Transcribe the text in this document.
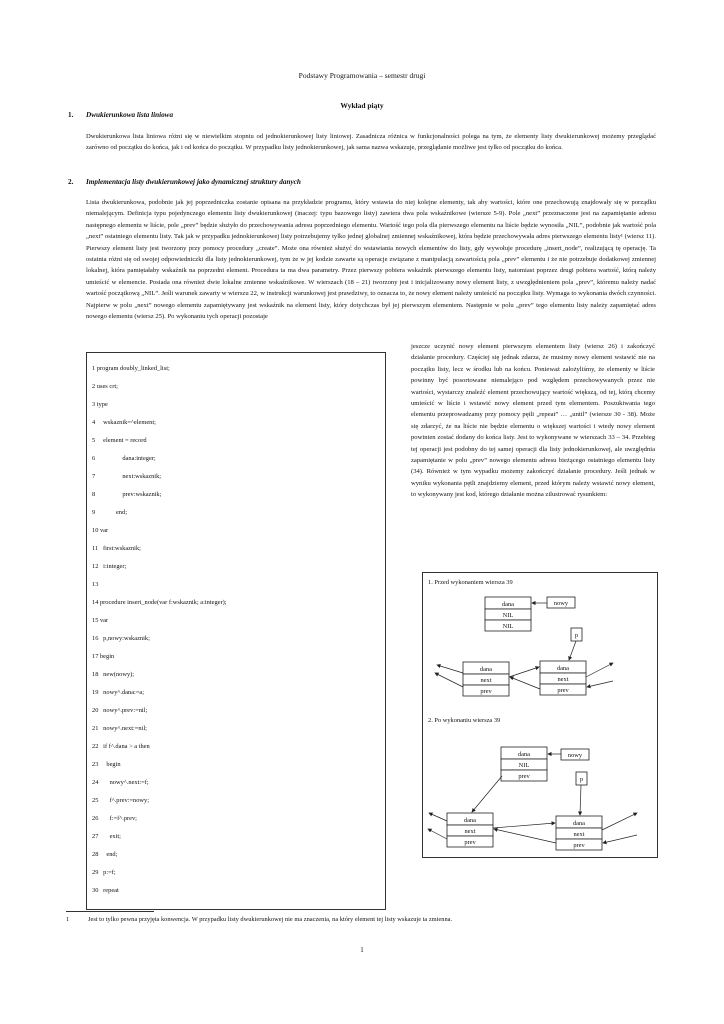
Podstawy Programowania – semestr drugi
Wykład piąty
1. Dwukierunkowa lista liniowa
Dwukierunkowa lista liniowa różni się w niewielkim stopniu od jednokierunkowej listy liniowej. Zasadnicza różnica w funkcjonalności polega na tym, że elementy listy dwukierunkowej możemy przeglądać zarówno od początku do końca, jak i od końca do początku. W przypadku listy jednokierunkowej, jak sama nazwa wskazuje, przeglądanie możliwe jest tylko od początku do końca.
2. Implementacja listy dwukierunkowej jako dynamicznej struktury danych
Lista dwukierunkowa, podobnie jak jej poprzedniczka zostanie opisana na przykładzie programu, który wstawia do niej kolejne elementy, tak aby wartości, które one przechowują znajdowały się w porządku niemalejącym. Definicja typu pojedynczego elementu listy dwukierunkowej (inaczej: typu bazowego listy) zawiera dwa pola wskaźnikowe (wiersze 5-9). Pole „next” przeznaczone jest na zapamiętanie adresu następnego elementu w liście, pole „prev” będzie służyło do przechowywania adresu poprzedniego elementu. Wartość tego pola dla pierwszego elementu na liście będzie wynosiła „NIL”, podobnie jak wartość pola „next” ostatniego elementu listy. Tak jak w przypadku jednokierunkowej listy potrzebujemy tylko jednej globalnej zmiennej wskaźnikowej, która będzie przechowywała adres pierwszego elementu listy¹ (wiersz 11). Pierwszy element listy jest tworzony przy pomocy procedury „create”. Może ona również służyć do wstawiania nowych elementów do listy, gdy wywołuje procedurę „insert_node”, realizującą tę operację. Ta ostatnia różni się od swojej odpowiedniczki dla listy jednokierunkowej, tym że w jej kodzie zawarte są operacje związane z manipulacją zawartością pola „prev” elementu i że nie potrzebuje dodatkowej zmiennej lokalnej, która pamiętałaby wskaźnik na poprzedni element. Procedura ta ma dwa parametry. Przez pierwszy pobiera wskaźnik pierwszego elementu listy, natomiast poprzez drugi pobiera wartość, którą należy umieścić w elemencie. Posiada ona również dwie lokalne zmienne wskaźnikowe. W wierszach (18 – 21) tworzony jest i inicjalizowany nowy element listy, z uwzględnieniem pola „prev”, któremu należy nadać wartość początkową „NIL”. Jeśli warunek zawarty w wierszu 22, w instrukcji warunkowej jest prawdziwy, to oznacza to, że nowy element należy umieścić na początku listy. Wymaga to wykonania dwóch czynności. Najpierw w polu „next” nowego elementu zapamiętywany jest wskaźnik na element listy, który dotychczas był jej pierwszym elementem. Następnie w polu „prev” tego elementu listy należy zapamiętać adres nowego elementu (wiersz 25). Po wykonaniu tych operacji pozostaje
1 program doubly_linked_list;
2 uses crt;
3 type
4     wskaznik=^element;
5     element = record
6                 dana:integer;
7                 next:wskaznik;
8                 prev:wskaznik;
9             end;
10 var
11   first:wskaznik;
12   i:integer;
13
14 procedure insert_node(var f:wskaznik; a:integer);
15 var
16   p,nowy:wskaznik;
17 begin
18   new(nowy);
19   nowy^.dana:=a;
20   nowy^.prev:=nil;
21   nowy^.next:=nil;
22   if f^.dana > a then
23     begin
24       nowy^.next:=f;
25       f^.prev:=nowy;
26       f:=f^.prev;
27       exit;
28     end;
29   p:=f;
30   repeat
jeszcze uczynić nowy element pierwszym elementem listy (wiersz 26) i zakończyć działanie procedury. Częściej się jednak zdarza, że musimy nowy element wstawić nie na początku listy, lecz w środku lub na końcu. Ponieważ założyliśmy, że elementy w liście powinny być posortowane niemalejąco pod względem przechowywanych przez nie wartości, wystarczy znaleźć element przechowujący wartość większą, od tej, którą chcemy umieścić w liście i wstawić nowy element przed tym elementem. Poszukiwania tego elementu przeprowadzamy przy pomocy pętli „repeat” … „until” (wiersze 30 - 38). Może się zdarzyć, że na liście nie będzie elementu o większej wartości i wtedy nowy element powinien zostać dodany do końca listy. Jest to wykonywane w wierszach 33 – 34. Przebieg tej operacji jest podobny do tej samej operacji dla listy jednokierunkowej, ale uwzględnia zapamiętanie w polu „prev” nowego elementu adresu bieżącego ostatniego elementu listy (34). Również w tym wypadku możemy zakończyć działanie procedury. Jeśli jednak w wyniku wykonania pętli znajdziemy element, przed którym należy wstawić nowy element, to wykonywany jest kod, którego działanie można zilustrować rysunkiem:
1. Przed wykonaniem wiersza 39
2. Po wykonaniu wiersza 39
dana
NIL
NIL
nowy
p
dana
next
prev
dana
next
prev
dana
NIL
prev
nowy
p
dana
next
prev
dana
next
prev
1	Jest to tylko pewna przyjęta konwencja. W przypadku listy dwukierunkowej nie ma znaczenia, na który element tej listy wskazuje ta zmienna.
1
